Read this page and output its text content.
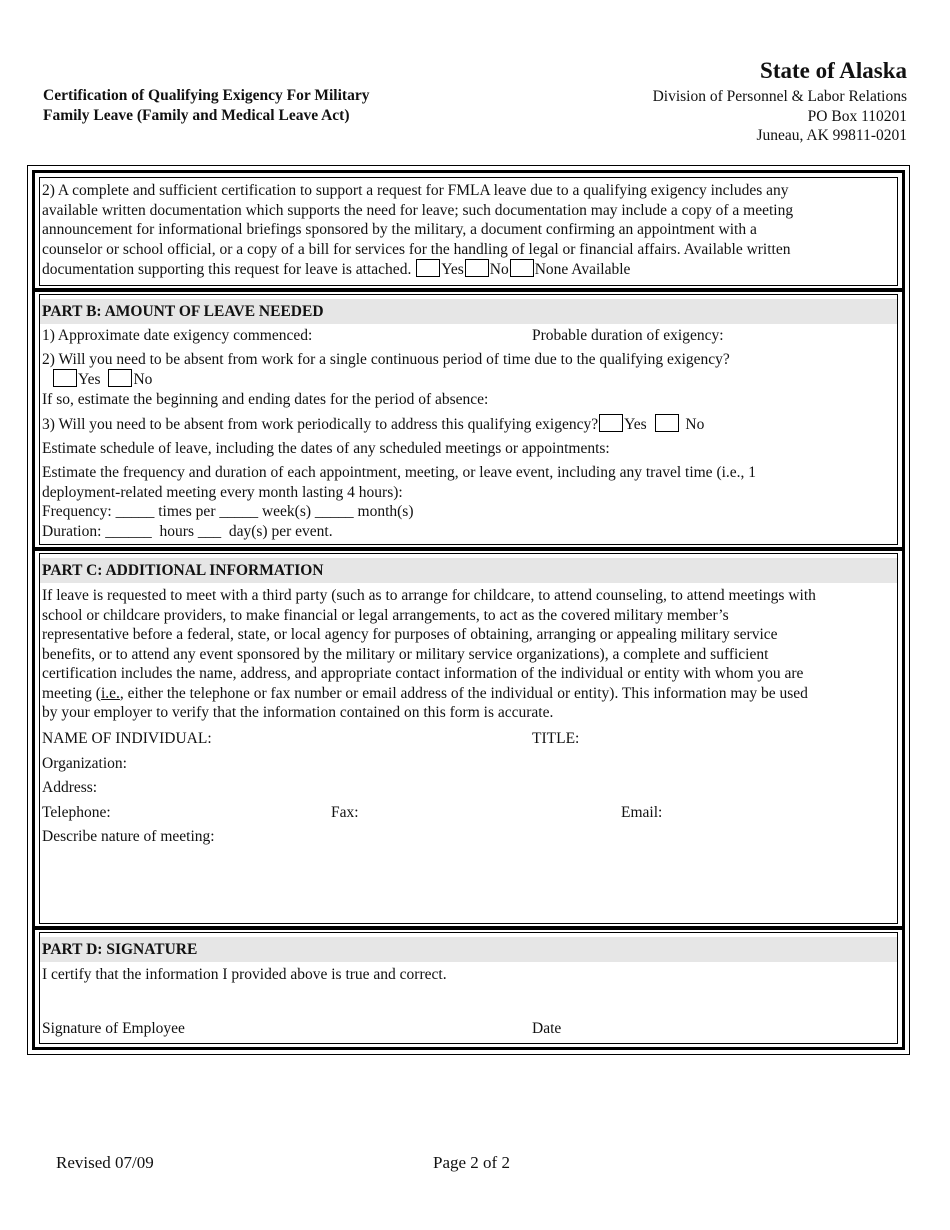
Certification of Qualifying Exigency For Military
Family Leave (Family and Medical Leave Act)
State of Alaska
Division of Personnel & Labor Relations
PO Box 110201
Juneau, AK 99811-0201
2) A complete and sufficient certification to support a request for FMLA leave due to a qualifying exigency includes any
available written documentation which supports the need for leave; such documentation may include a copy of a meeting
announcement for informational briefings sponsored by the military, a document confirming an appointment with a
counselor or school official, or a copy of a bill for services for the handling of legal or financial affairs. Available written
documentation supporting this request for leave is attached. Yes No None Available
PART B: AMOUNT OF LEAVE NEEDED
1) Approximate date exigency commenced:	Probable duration of exigency:
2) Will you need to be absent from work for a single continuous period of time due to the qualifying exigency?
Yes No
If so, estimate the beginning and ending dates for the period of absence:
3) Will you need to be absent from work periodically to address this qualifying exigency? Yes	No
Estimate schedule of leave, including the dates of any scheduled meetings or appointments:
Estimate the frequency and duration of each appointment, meeting, or leave event, including any travel time (i.e., 1
deployment-related meeting every month lasting 4 hours):
Frequency: _____ times per _____ week(s) _____ month(s)
Duration: ______  hours ___  day(s) per event.
PART C: ADDITIONAL INFORMATION
If leave is requested to meet with a third party (such as to arrange for childcare, to attend counseling, to attend meetings with
school or childcare providers, to make financial or legal arrangements, to act as the covered military member’s
representative before a federal, state, or local agency for purposes of obtaining, arranging or appealing military service
benefits, or to attend any event sponsored by the military or military service organizations), a complete and sufficient
certification includes the name, address, and appropriate contact information of the individual or entity with whom you are
meeting (i.e., either the telephone or fax number or email address of the individual or entity). This information may be used
by your employer to verify that the information contained on this form is accurate.
NAME OF INDIVIDUAL:	TITLE:
Organization:
Address:
Telephone:	Fax:	Email:
Describe nature of meeting:
PART D: SIGNATURE
I certify that the information I provided above is true and correct.
Signature of Employee	Date
Revised 07/09	Page 2 of 2
